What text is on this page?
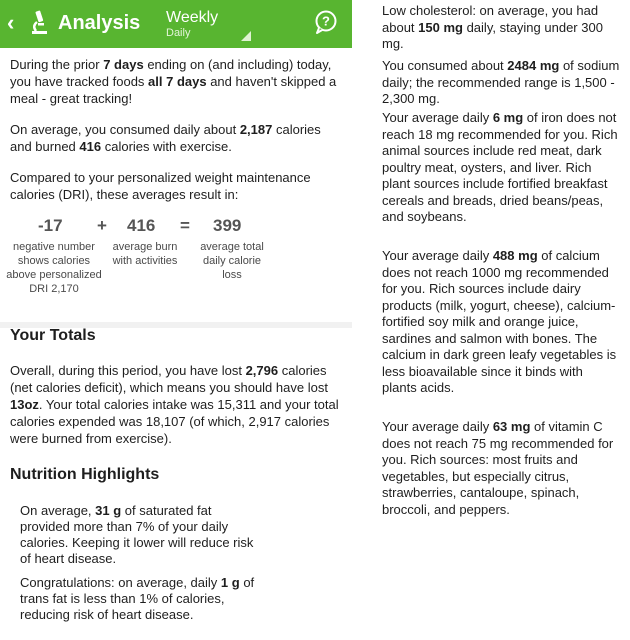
‹ Analysis Weekly
Daily
?

During the prior 7 days ending on (and including) today, you have tracked foods all 7 days and haven't skipped a meal - great tracking!

On average, you consumed daily about 2,187 calories and burned 416 calories with exercise.

Compared to your personalized weight maintenance calories (DRI), these averages result in:

-17 + 416 = 399
negative number shows calories above personalized DRI 2,170
average burn with activities
average total daily calorie loss
Your Totals

Overall, during this period, you have lost 2,796 calories (net calories deficit), which means you should have lost 13oz. Your total calories intake was 15,311 and your total calories expended was 18,107 (of which, 2,917 calories were burned from exercise).

Nutrition Highlights

On average, 31 g of saturated fat provided more than 7% of your daily calories. Keeping it lower will reduce risk of heart disease.

Congratulations: on average, daily 1 g of trans fat is less than 1% of calories, reducing risk of heart disease.

Low cholesterol: on average, you had about 150 mg daily, staying under 300 mg.

You consumed about 2484 mg of sodium daily; the recommended range is 1,500 - 2,300 mg.

Your average daily 6 mg of iron does not reach 18 mg recommended for you. Rich animal sources include red meat, dark poultry meat, oysters, and liver. Rich plant sources include fortified breakfast cereals and breads, dried beans/peas, and soybeans.

Your average daily 488 mg of calcium does not reach 1000 mg recommended for you. Rich sources include dairy products (milk, yogurt, cheese), calcium-fortified soy milk and orange juice, sardines and salmon with bones. The calcium in dark green leafy vegetables is less bioavailable since it binds with plants acids.

Your average daily 63 mg of vitamin C does not reach 75 mg recommended for you. Rich sources: most fruits and vegetables, but especially citrus, strawberries, cantaloupe, spinach, broccoli, and peppers.
